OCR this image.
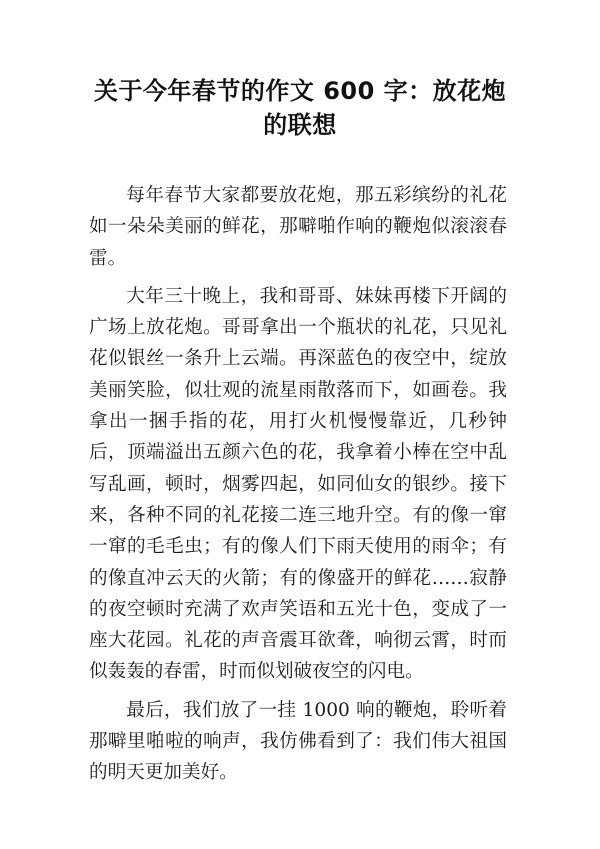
关于今年春节的作文 600 字：放花炮
的联想

每年春节大家都要放花炮，那五彩缤纷的礼花如一朵朵美丽的鲜花，那噼啪作响的鞭炮似滚滚春雷。

大年三十晚上，我和哥哥、妹妹再楼下开阔的广场上放花炮。哥哥拿出一个瓶状的礼花，只见礼花似银丝一条升上云端。再深蓝色的夜空中，绽放美丽笑脸，似壮观的流星雨散落而下，如画卷。我拿出一捆手指的花，用打火机慢慢靠近，几秒钟后，顶端溢出五颜六色的花，我拿着小棒在空中乱写乱画，顿时，烟雾四起，如同仙女的银纱。接下来，各种不同的礼花接二连三地升空。有的像一窜一窜的毛毛虫；有的像人们下雨天使用的雨伞；有的像直冲云天的火箭；有的像盛开的鲜花……寂静的夜空顿时充满了欢声笑语和五光十色，变成了一座大花园。礼花的声音震耳欲聋，响彻云霄，时而似轰轰的春雷，时而似划破夜空的闪电。

最后，我们放了一挂 1000 响的鞭炮，聆听着那噼里啪啦的响声，我仿佛看到了：我们伟大祖国的明天更加美好。
